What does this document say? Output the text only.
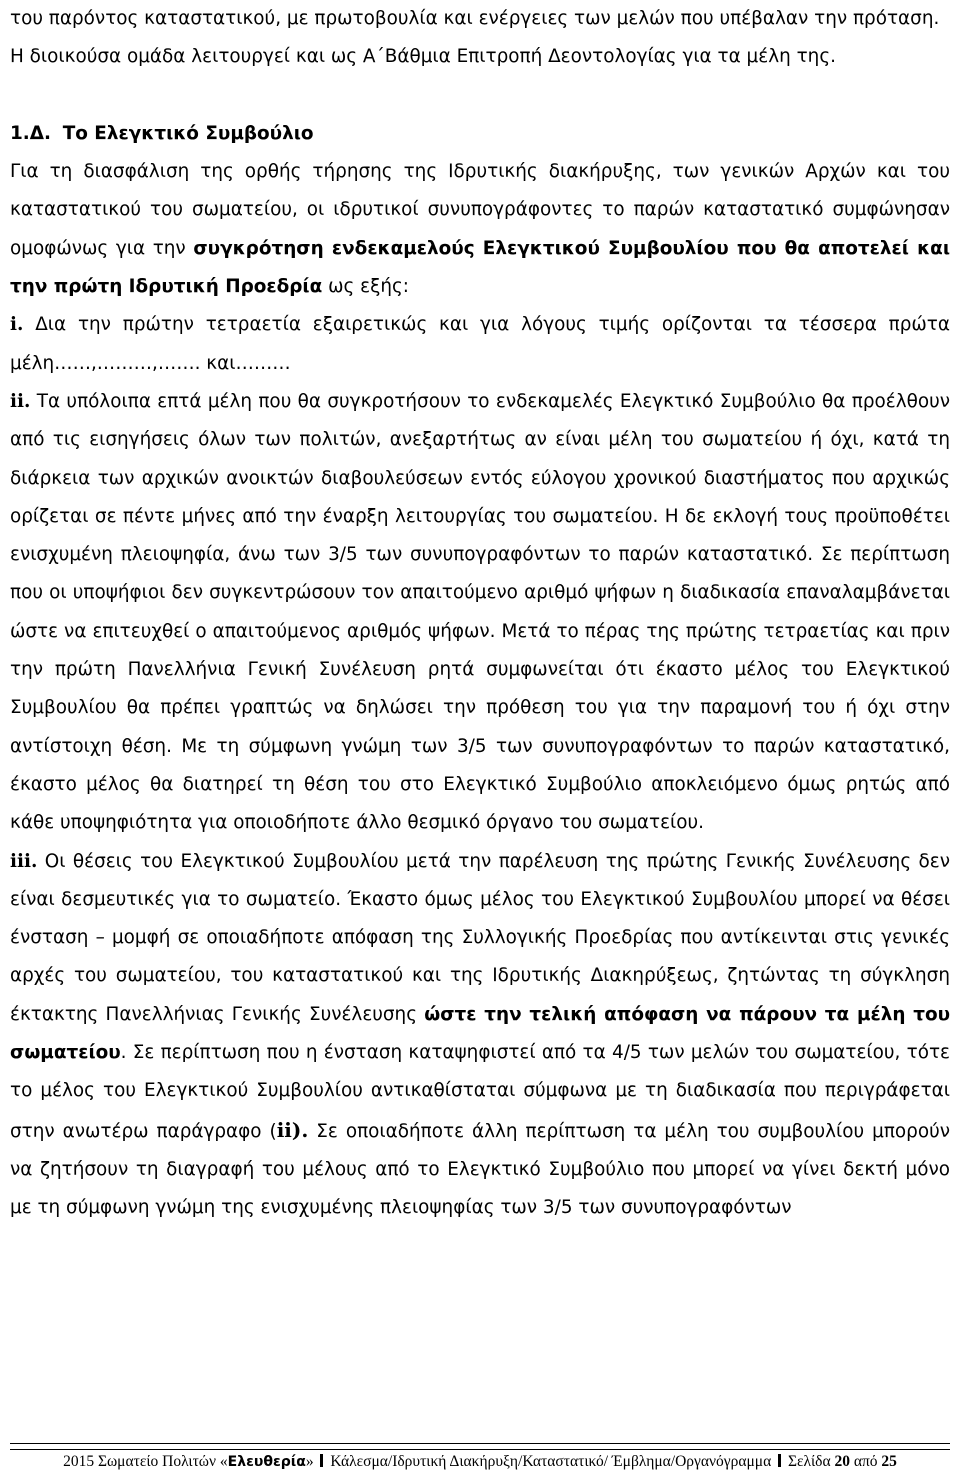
του παρόντος καταστατικού, με πρωτοβουλία και ενέργειες των μελών που υπέβαλαν την πρόταση.
Η διοικούσα ομάδα λειτουργεί και ως Α΄Βάθμια Επιτροπή Δεοντολογίας για τα μέλη της.

1.Δ. Το Ελεγκτικό Συμβούλιο

Για τη διασφάλιση της ορθής τήρησης της Ιδρυτικής διακήρυξης, των γενικών Αρχών και του καταστατικού του σωματείου, οι ιδρυτικοί συνυπογράφοντες το παρών καταστατικό συμφώνησαν ομοφώνως για την συγκρότηση ενδεκαμελούς Ελεγκτικού Συμβουλίου που θα αποτελεί και την πρώτη Ιδρυτική Προεδρία ως εξής:

i. Δια την πρώτην τετραετία εξαιρετικώς και για λόγους τιμής ορίζονται τα τέσσερα πρώτα μέλη……,………,……. και………

ii. Τα υπόλοιπα επτά μέλη που θα συγκροτήσουν το ενδεκαμελές Ελεγκτικό Συμβούλιο θα προέλθουν από τις εισηγήσεις όλων των πολιτών, ανεξαρτήτως αν είναι μέλη του σωματείου ή όχι, κατά τη διάρκεια των αρχικών ανοικτών διαβουλεύσεων εντός εύλογου χρονικού διαστήματος που αρχικώς ορίζεται σε πέντε μήνες από την έναρξη λειτουργίας του σωματείου. Η δε εκλογή τους προϋποθέτει ενισχυμένη πλειοψηφία, άνω των 3/5 των συνυπογραφόντων το παρών καταστατικό. Σε περίπτωση που οι υποψήφιοι δεν συγκεντρώσουν τον απαιτούμενο αριθμό ψήφων η διαδικασία επαναλαμβάνεται ώστε να επιτευχθεί ο απαιτούμενος αριθμός ψήφων. Μετά το πέρας της πρώτης τετραετίας και πριν την πρώτη Πανελλήνια Γενική Συνέλευση ρητά συμφωνείται ότι έκαστο μέλος του Ελεγκτικού Συμβουλίου θα πρέπει γραπτώς να δηλώσει την πρόθεση του για την παραμονή του ή όχι στην αντίστοιχη θέση. Με τη σύμφωνη γνώμη των 3/5 των συνυπογραφόντων το παρών καταστατικό, έκαστο μέλος θα διατηρεί τη θέση του στο Ελεγκτικό Συμβούλιο αποκλειόμενο όμως ρητώς από κάθε υποψηφιότητα για οποιοδήποτε άλλο θεσμικό όργανο του σωματείου.

iii. Οι θέσεις του Ελεγκτικού Συμβουλίου μετά την παρέλευση της πρώτης Γενικής Συνέλευσης δεν είναι δεσμευτικές για το σωματείο. Έκαστο όμως μέλος του Ελεγκτικού Συμβουλίου μπορεί να θέσει ένσταση – μομφή σε οποιαδήποτε απόφαση της Συλλογικής Προεδρίας που αντίκεινται στις γενικές αρχές του σωματείου, του καταστατικού και της Ιδρυτικής Διακηρύξεως, ζητώντας τη σύγκληση έκτακτης Πανελλήνιας Γενικής Συνέλευσης ώστε την τελική απόφαση να πάρουν τα μέλη του σωματείου. Σε περίπτωση που η ένσταση καταψηφιστεί από τα 4/5 των μελών του σωματείου, τότε το μέλος του Ελεγκτικού Συμβουλίου αντικαθίσταται σύμφωνα με τη διαδικασία που περιγράφεται στην ανωτέρω παράγραφο (ii). Σε οποιαδήποτε άλλη περίπτωση τα μέλη του συμβουλίου μπορούν να ζητήσουν τη διαγραφή του μέλους από το Ελεγκτικό Συμβούλιο που μπορεί να γίνει δεκτή μόνο με τη σύμφωνη γνώμη της ενισχυμένης πλειοψηφίας των 3/5 των συνυπογραφόντων

2015 Σωματείο Πολιτών «Ελευθερία» Κάλεσμα/Ιδρυτική Διακήρυξη/Καταστατικό/ Έμβλημα/Οργανόγραμμα Σελίδα 20 από 25
